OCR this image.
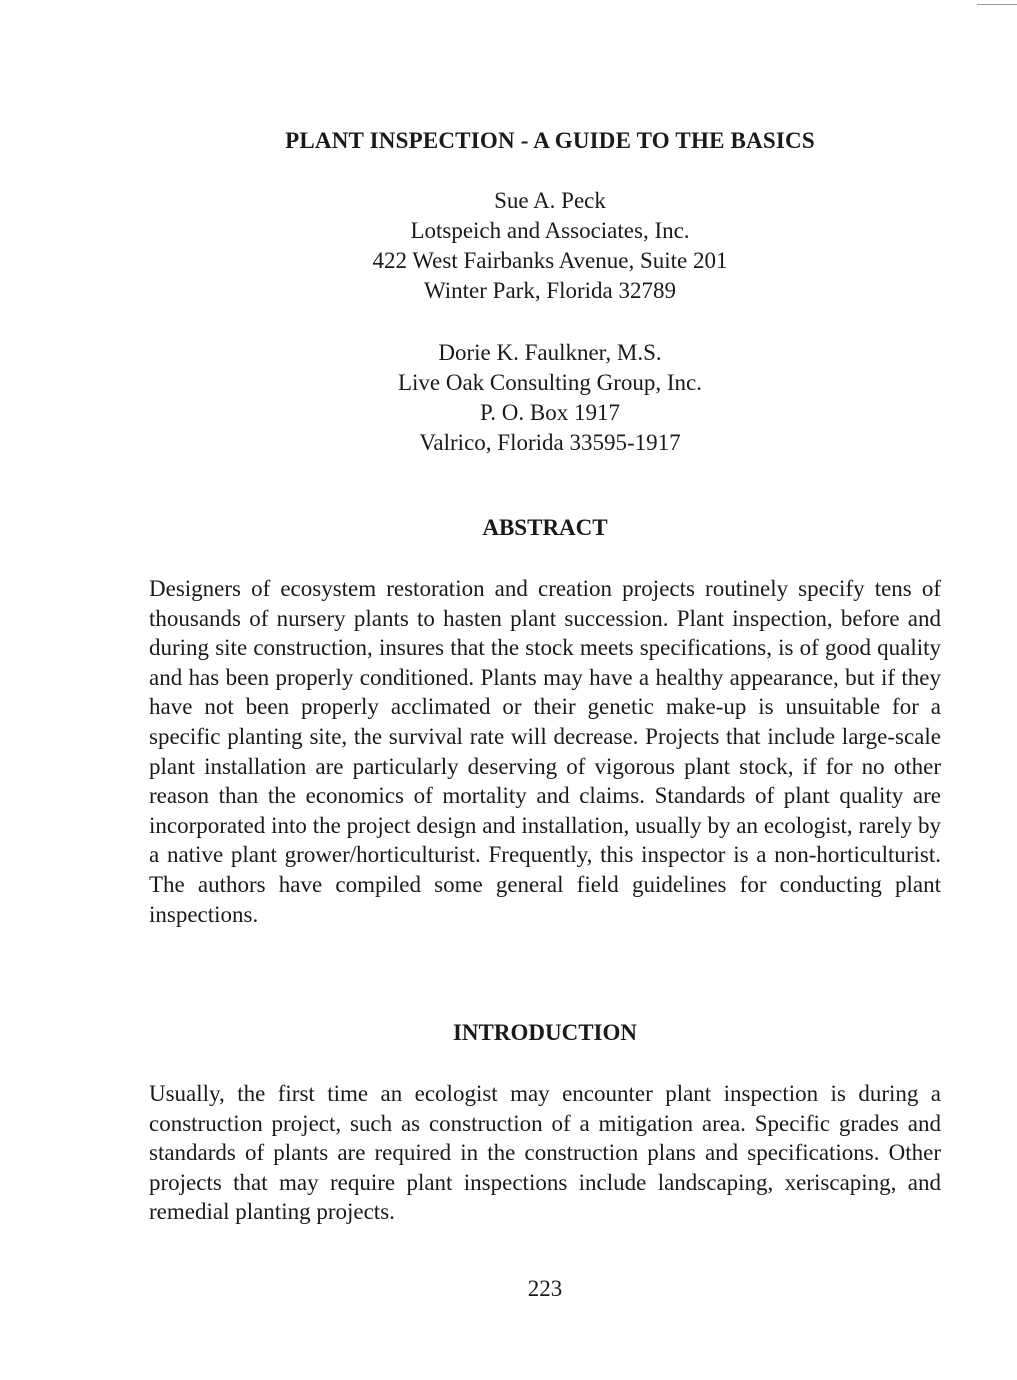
PLANT INSPECTION - A GUIDE TO THE BASICS
Sue A. Peck
Lotspeich and Associates, Inc.
422 West Fairbanks Avenue, Suite 201
Winter Park, Florida 32789
Dorie K. Faulkner, M.S.
Live Oak Consulting Group, Inc.
P. O. Box 1917
Valrico, Florida 33595-1917
ABSTRACT
Designers of ecosystem restoration and creation projects routinely specify tens of thousands of nursery plants to hasten plant succession. Plant inspection, before and during site construction, insures that the stock meets specifications, is of good quality and has been properly conditioned. Plants may have a healthy appearance, but if they have not been properly acclimated or their genetic make-up is unsuitable for a specific planting site, the survival rate will decrease. Projects that include large-scale plant installation are particularly deserving of vigorous plant stock, if for no other reason than the economics of mortality and claims. Standards of plant quality are incorporated into the project design and installation, usually by an ecologist, rarely by a native plant grower/horticulturist. Frequently, this inspector is a non-horticulturist. The authors have compiled some general field guidelines for conducting plant inspections.
INTRODUCTION
Usually, the first time an ecologist may encounter plant inspection is during a construction project, such as construction of a mitigation area. Specific grades and standards of plants are required in the construction plans and specifications. Other projects that may require plant inspections include landscaping, xeriscaping, and remedial planting projects.
223
